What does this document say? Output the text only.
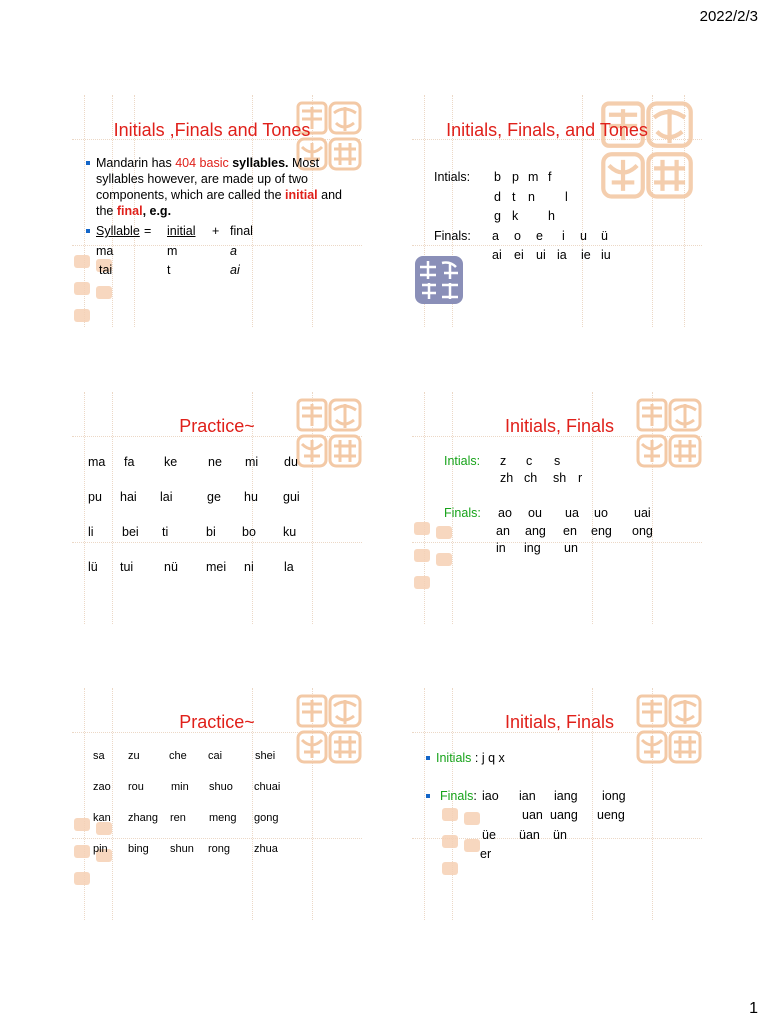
2022/2/3
Initials ,Finals and Tones
Mandarin has 404 basic syllables. Most syllables however, are made up of two components, which are called the initial and the final, e.g.
Syllable = initial + final
ma	m	a
tai	t	ai
Initials, Finals, and Tones
Intials: b p m f
d t n l
g k h
Finals: a o e i u ü
ai ei ui ia ie iu
Practice~
ma fa ke ne mi du
pu hai lai	ge hu gui
li bei ti	bi bo ku
lü tui nü mei ni la
Initials, Finals
Intials: z c s
zh ch sh r
Finals: ao ou ua uo uai
an ang en eng ong
in ing un
Practice~
sa zu	che cai	shei
zao rou min shuo chuai
kan zhang ren meng gong
pin bing shun rong zhua
Initials, Finals
Initials : j q x
Finals: iao ian iang iong
uan uang ueng
üe üan ün
er
1
